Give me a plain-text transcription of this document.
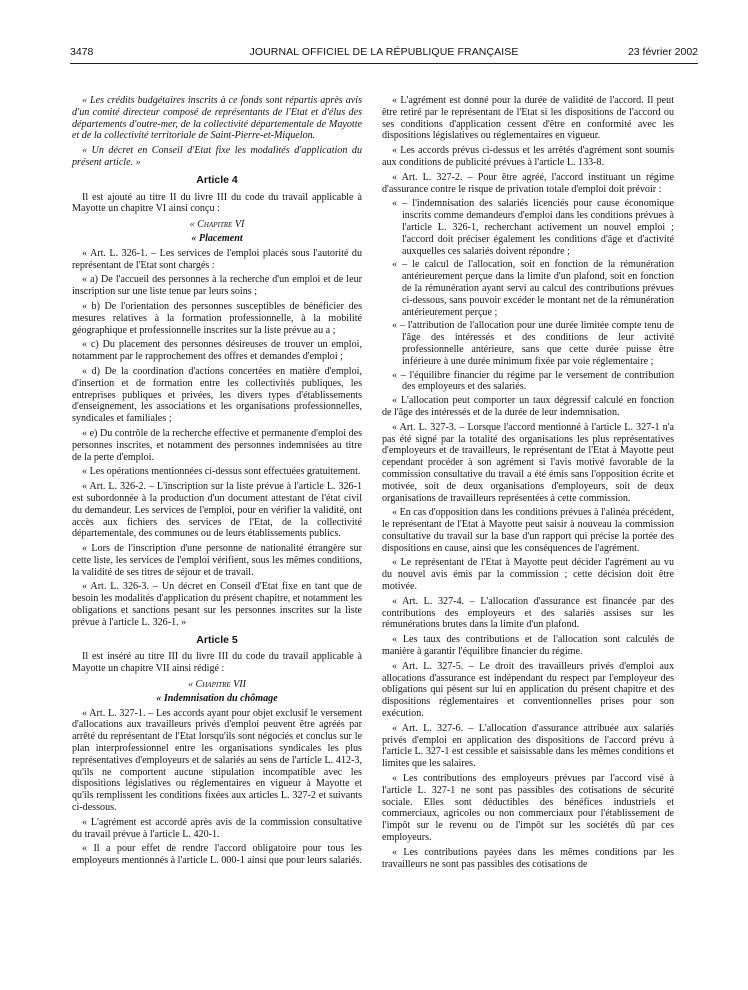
3478	JOURNAL OFFICIEL DE LA RÉPUBLIQUE FRANÇAISE	23 février 2002

« Les crédits budgétaires inscrits à ce fonds sont répartis après avis d'un comité directeur composé de représentants de l'Etat et d'élus des départements d'outre-mer, de la collectivité départementale de Mayotte et de la collectivité territoriale de Saint-Pierre-et-Miquelon.

« Un décret en Conseil d'Etat fixe les modalités d'application du présent article. »

Article 4

Il est ajouté au titre II du livre III du code du travail applicable à Mayotte un chapitre VI ainsi conçu :

« Chapitre VI
« Placement

« Art. L. 326-1. – Les services de l'emploi placés sous l'autorité du représentant de l'Etat sont chargés :

« a) De l'accueil des personnes à la recherche d'un emploi et de leur inscription sur une liste tenue par leurs soins ;

« b) De l'orientation des personnes susceptibles de bénéficier des mesures relatives à la formation professionnelle, à la mobilité géographique et professionnelle inscrites sur la liste prévue au a ;

« c) Du placement des personnes désireuses de trouver un emploi, notamment par le rapprochement des offres et demandes d'emploi ;

« d) De la coordination d'actions concertées en matière d'emploi, d'insertion et de formation entre les collectivités publiques, les entreprises publiques et privées, les divers types d'établissements d'enseignement, les associations et les organisations professionnelles, syndicales et familiales ;

« e) Du contrôle de la recherche effective et permanente d'emploi des personnes inscrites, et notamment des personnes indemnisées au titre de la perte d'emploi.

« Les opérations mentionnées ci-dessus sont effectuées gratuitement.

« Art. L. 326-2. – L'inscription sur la liste prévue à l'article L. 326-1 est subordonnée à la production d'un document attestant de l'état civil du demandeur. Les services de l'emploi, pour en vérifier la validité, ont accès aux fichiers des services de l'Etat, de la collectivité départementale, des communes ou de leurs établissements publics.

« Lors de l'inscription d'une personne de nationalité étrangère sur cette liste, les services de l'emploi vérifient, sous les mêmes conditions, la validité de ses titres de séjour et de travail.

« Art. L. 326-3. – Un décret en Conseil d'Etat fixe en tant que de besoin les modalités d'application du présent chapitre, et notamment les obligations et sanctions pesant sur les personnes inscrites sur la liste prévue à l'article L. 326-1. »

Article 5

Il est inséré au titre III du livre III du code du travail applicable à Mayotte un chapitre VII ainsi rédigé :

« Chapitre VII
« Indemnisation du chômage

« Art. L. 327-1. – Les accords ayant pour objet exclusif le versement d'allocations aux travailleurs privés d'emploi peuvent être agréés par arrêté du représentant de l'Etat lorsqu'ils sont négociés et conclus sur le plan interprofessionnel entre les organisations syndicales les plus représentatives d'employeurs et de salariés au sens de l'article L. 412-3, qu'ils ne comportent aucune stipulation incompatible avec les dispositions législatives ou réglementaires en vigueur à Mayotte et qu'ils remplissent les conditions fixées aux articles L. 327-2 et suivants ci-dessous.

« L'agrément est accordé après avis de la commission consultative du travail prévue à l'article L. 420-1.

« Il a pour effet de rendre l'accord obligatoire pour tous les employeurs mentionnés à l'article L. 000-1 ainsi que pour leurs salariés.

« L'agrément est donné pour la durée de validité de l'accord. Il peut être retiré par le représentant de l'Etat si les dispositions de l'accord ou ses conditions d'application cessent d'être en conformité avec les dispositions législatives ou réglementaires en vigueur.

« Les accords prévus ci-dessus et les arrêtés d'agrément sont soumis aux conditions de publicité prévues à l'article L. 133-8.

« Art. L. 327-2. – Pour être agréé, l'accord instituant un régime d'assurance contre le risque de privation totale d'emploi doit prévoir :

« – l'indemnisation des salariés licenciés pour cause économique inscrits comme demandeurs d'emploi dans les conditions prévues à l'article L. 326-1, recherchant activement un nouvel emploi ; l'accord doit préciser également les conditions d'âge et d'activité auxquelles ces salariés doivent répondre ;
« – le calcul de l'allocation, soit en fonction de la rémunération antérieurement perçue dans la limite d'un plafond, soit en fonction de la rémunération ayant servi au calcul des contributions prévues ci-dessous, sans pouvoir excéder le montant net de la rémunération antérieurement perçue ;
« – l'attribution de l'allocation pour une durée limitée compte tenu de l'âge des intéressés et des conditions de leur activité professionnelle antérieure, sans que cette durée puisse être inférieure à une durée minimum fixée par voie réglementaire ;
« – l'équilibre financier du régime par le versement de contribution des employeurs et des salariés.

« L'allocation peut comporter un taux dégressif calculé en fonction de l'âge des intéressés et de la durée de leur indemnisation.

« Art. L. 327-3. – Lorsque l'accord mentionné à l'article L. 327-1 n'a pas été signé par la totalité des organisations les plus représentatives d'employeurs et de travailleurs, le représentant de l'Etat à Mayotte peut cependant procéder à son agrément si l'avis motivé favorable de la commission consultative du travail a été émis sans l'opposition écrite et motivée, soit de deux organisations d'employeurs, soit de deux organisations de travailleurs représentées à cette commission.

« En cas d'opposition dans les conditions prévues à l'alinéa précédent, le représentant de l'Etat à Mayotte peut saisir à nouveau la commission consultative du travail sur la base d'un rapport qui précise la portée des dispositions en cause, ainsi que les conséquences de l'agrément.

« Le représentant de l'Etat à Mayotte peut décider l'agrément au vu du nouvel avis émis par la commission ; cette décision doit être motivée.

« Art. L. 327-4. – L'allocation d'assurance est financée par des contributions des employeurs et des salariés assises sur les rémunérations brutes dans la limite d'un plafond.

« Les taux des contributions et de l'allocation sont calculés de manière à garantir l'équilibre financier du régime.

« Art. L. 327-5. – Le droit des travailleurs privés d'emploi aux allocations d'assurance est indépendant du respect par l'employeur des obligations qui pèsent sur lui en application du présent chapitre et des dispositions réglementaires et conventionnelles prises pour son exécution.

« Art. L. 327-6. – L'allocation d'assurance attribuée aux salariés privés d'emploi en application des dispositions de l'accord prévu à l'article L. 327-1 est cessible et saisissable dans les mêmes conditions et limites que les salaires.

« Les contributions des employeurs prévues par l'accord visé à l'article L. 327-1 ne sont pas passibles des cotisations de sécurité sociale. Elles sont déductibles des bénéfices industriels et commerciaux, agricoles ou non commerciaux pour l'établissement de l'impôt sur le revenu ou de l'impôt sur les sociétés dû par ces employeurs.

« Les contributions payées dans les mêmes conditions par les travailleurs ne sont pas passibles des cotisations de
